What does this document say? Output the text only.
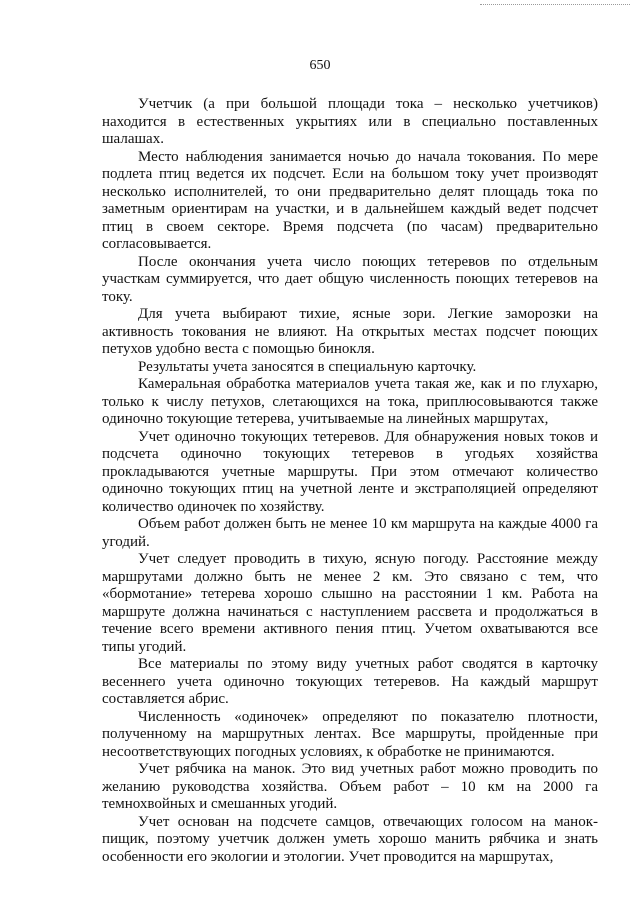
650

Учетчик (а при большой площади тока – несколько учетчиков) находится в естественных укрытиях или в специально поставленных шалашах.

Место наблюдения занимается ночью до начала токования. По мере подлета птиц ведется их подсчет. Если на большом току учет производят несколько исполнителей, то они предварительно делят площадь тока по заметным ориентирам на участки, и в дальнейшем каждый ведет подсчет птиц в своем секторе. Время подсчета (по часам) предварительно согласовывается.

После окончания учета число поющих тетеревов по отдельным участкам суммируется, что дает общую численность поющих тетеревов на току.

Для учета выбирают тихие, ясные зори. Легкие заморозки на активность токования не влияют. На открытых местах подсчет поющих петухов удобно веста с помощью бинокля.

Результаты учета заносятся в специальную карточку.

Камеральная обработка материалов учета такая же, как и по глухарю, только к числу петухов, слетающихся на тока, приплюсовываются также одиночно токующие тетерева, учитываемые на линейных маршрутах,

Учет одиночно токующих тетеревов. Для обнаружения новых токов и подсчета одиночно токующих тетеревов в угодьях хозяйства прокладываются учетные маршруты. При этом отмечают количество одиночно токующих птиц на учетной ленте и экстраполяцией определяют количество одиночек по хозяйству.

Объем работ должен быть не менее 10 км маршрута на каждые 4000 га угодий.

Учет следует проводить в тихую, ясную погоду. Расстояние между маршрутами должно быть не менее 2 км. Это связано с тем, что «бормотание» тетерева хорошо слышно на расстоянии 1 км. Работа на маршруте должна начинаться с наступлением рассвета и продолжаться в течение всего времени активного пения птиц. Учетом охватываются все типы угодий.

Все материалы по этому виду учетных работ сводятся в карточку весеннего учета одиночно токующих тетеревов. На каждый маршрут составляется абрис.

Численность «одиночек» определяют по показателю плотности, полученному на маршрутных лентах. Все маршруты, пройденные при несоответствующих погодных условиях, к обработке не принимаются.

Учет рябчика на манок. Это вид учетных работ можно проводить по желанию руководства хозяйства. Объем работ – 10 км на 2000 га темнохвойных и смешанных угодий.

Учет основан на подсчете самцов, отвечающих голосом на манок-пищик, поэтому учетчик должен уметь хорошо манить рябчика и знать особенности его экологии и этологии. Учет проводится на маршрутах,
